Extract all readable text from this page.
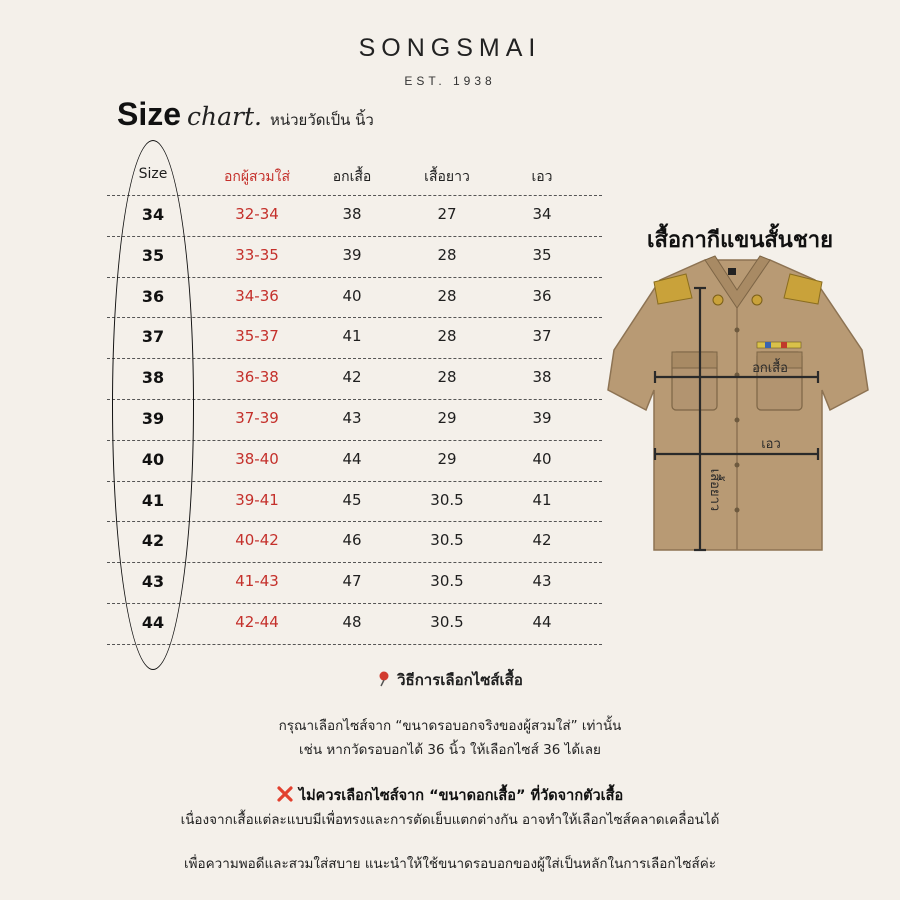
SONGSMAI
EST. 1938
Size chart. หน่วยวัดเป็น นิ้ว
Size	อกผู้สวมใส่	อกเสื้อ	เสื้อยาว	เอว
34	32-34	38	27	34
35	33-35	39	28	35
36	34-36	40	28	36
37	35-37	41	28	37
38	36-38	42	28	38
39	37-39	43	29	39
40	38-40	44	29	40
41	39-41	45	30.5	41
42	40-42	46	30.5	42
43	41-43	47	30.5	43
44	42-44	48	30.5	44
เสื้อกากีแขนสั้นชาย
อกเสื้อ
เอว
เสื้อยาว
วิธีการเลือกไซส์เสื้อ
กรุณาเลือกไซส์จาก “ขนาดรอบอกจริงของผู้สวมใส่” เท่านั้น
เช่น หากวัดรอบอกได้ 36 นิ้ว ให้เลือกไซส์ 36 ได้เลย
ไม่ควรเลือกไซส์จาก “ขนาดอกเสื้อ” ที่วัดจากตัวเสื้อ
เนื่องจากเสื้อแต่ละแบบมีเพื่อทรงและการตัดเย็บแตกต่างกัน อาจทำให้เลือกไซส์คลาดเคลื่อนได้
เพื่อความพอดีและสวมใส่สบาย แนะนำให้ใช้ขนาดรอบอกของผู้ใส่เป็นหลักในการเลือกไซส์ค่ะ
